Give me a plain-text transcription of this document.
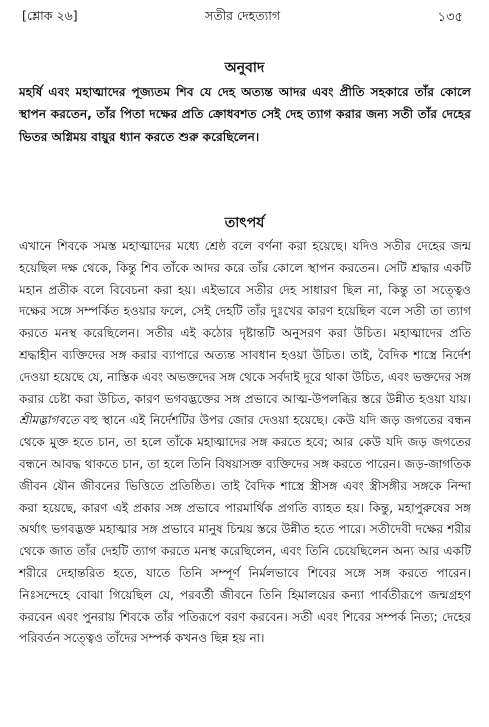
[শ্লোক ২৬]	সতীর দেহত্যাগ	১৩৫
অনুবাদ

মহর্ষি এবং মহাত্মাদের পূজ্যতম শিব যে দেহ অত্যন্ত আদর এবং প্রীতি সহকারে তাঁর কোলে স্থাপন করতেন, তাঁর পিতা দক্ষের প্রতি ক্রোধবশত সেই দেহ ত্যাগ করার জন্য সতী তাঁর দেহের ভিতর অগ্নিময় বায়ুর ধ্যান করতে শুরু করেছিলেন।

তাৎপর্য

এখানে শিবকে সমস্ত মহাত্মাদের মধ্যে শ্রেষ্ঠ বলে বর্ণনা করা হয়েছে। যদিও সতীর দেহের জন্ম হয়েছিল দক্ষ থেকে, কিন্তু শিব তাঁকে আদর করে তাঁর কোলে স্থাপন করতেন। সেটি শ্রদ্ধার একটি মহান প্রতীক বলে বিবেচনা করা হয়। এইভাবে সতীর দেহ সাধারণ ছিল না, কিন্তু তা সত্ত্বেও দক্ষের সঙ্গে সম্পর্কিত হওয়ার ফলে, সেই দেহটি তাঁর দুঃখের কারণ হয়েছিল বলে সতী তা ত্যাগ করতে মনস্থ করেছিলেন। সতীর এই কঠোর দৃষ্টান্তটি অনুসরণ করা উচিত। মহাত্মাদের প্রতি শ্রদ্ধাহীন ব্যক্তিদের সঙ্গ করার ব্যাপারে অত্যন্ত সাবধান হওয়া উচিত। তাই, বৈদিক শাস্ত্রে নির্দেশ দেওয়া হয়েছে যে, নাস্তিক এবং অভক্তদের সঙ্গ থেকে সর্বদাই দূরে থাকা উচিত, এবং ভক্তদের সঙ্গ করার চেষ্টা করা উচিত, কারণ ভগবদ্ভক্তের সঙ্গ প্রভাবে আত্ম-উপলব্ধির স্তরে উন্নীত হওয়া যায়। শ্রীমদ্ভাগবতে বহু স্থানে এই নির্দেশটির উপর জোর দেওয়া হয়েছে। কেউ যদি জড় জগতের বন্ধন থেকে মুক্ত হতে চান, তা হলে তাঁকে মহাত্মাদের সঙ্গ করতে হবে; আর কেউ যদি জড় জগতের বন্ধনে আবদ্ধ থাকতে চান, তা হলে তিনি বিষয়াসক্ত ব্যক্তিদের সঙ্গ করতে পারেন। জড়-জাগতিক জীবন যৌন জীবনের ভিত্তিতে প্রতিষ্ঠিত। তাই বৈদিক শাস্ত্রে স্ত্রীসঙ্গ এবং স্ত্রীসঙ্গীর সঙ্গকে নিন্দা করা হয়েছে, কারণ এই প্রকার সঙ্গ প্রভাবে পারমার্থিক প্রগতি ব্যাহত হয়। কিন্তু, মহাপুরুষের সঙ্গ অর্থাৎ ভগবদ্ভক্ত মহাত্মার সঙ্গ প্রভাবে মানুষ চিন্ময় স্তরে উন্নীত হতে পারে। সতীদেবী দক্ষের শরীর থেকে জাত তাঁর দেহটি ত্যাগ করতে মনস্থ করেছিলেন, এবং তিনি চেয়েছিলেন অন্য আর একটি শরীরে দেহান্তরিত হতে, যাতে তিনি সম্পূর্ণ নির্মলভাবে শিবের সঙ্গে সঙ্গ করতে পারেন। নিঃসন্দেহে বোঝা গিয়েছিল যে, পরবর্তী জীবনে তিনি হিমালয়ের কন্যা পার্বতীরূপে জন্মগ্রহণ করবেন এবং পুনরায় শিবকে তাঁর পতিরূপে বরণ করবেন। সতী এবং শিবের সম্পর্ক নিত্য; দেহের পরিবর্তন সত্ত্বেও তাঁদের সম্পর্ক কখনও ছিন্ন হয় না।
